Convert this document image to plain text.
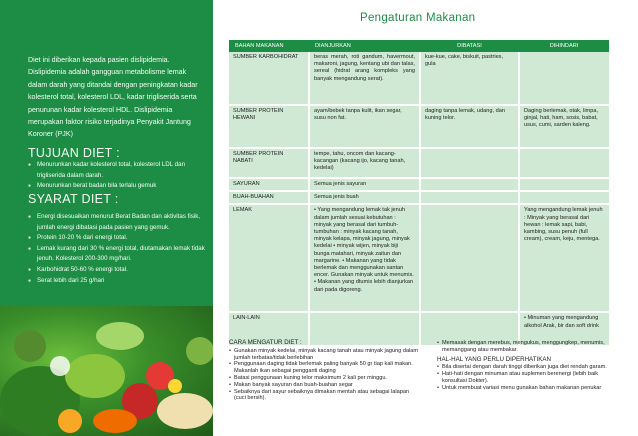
Diet ini diberikan kepada pasien dislipidemia. Dislipidemia adalah gangguan metabolisme lemak dalam darah yang ditandai dengan peningkatan kadar kolesterol total, kolesterol LDL, kadar trigliserida serta penurunan kadar kolesterol HDL. Dislipidemia merupakan faktor risiko terjadinya Penyakit Jantung Koroner (PJK)

TUJUAN DIET :
● Menurunkan kadar kolesterol total, kolesterol LDL dan trigliserida dalam darah.
● Menurunkan berat badan bila terlalu gemuk
SYARAT DIET :
● Energi disesuaikan menurut Berat Badan dan aktivitas fisik, jumlah energi dibatasi pada pasien yang gemuk.
● Protein 10-20 % dari energi total.
● Lemak kurang dari 30 % energi total, diutamakan lemak tidak jenuh. Kolesterol 200-300 mg/hari.
● Karbohidrat 50-60 % energi total.
● Serat lebih dari 25 g/hari
Pengaturan Makanan
BAHAN MAKANAN	DIANJURKAN	DIBATASI	DIHINDARI
SUMBER KARBOHIDRAT	beras merah, roti gandum, havermout, makaroni, jagung, kentang ubi dan talas, sereal (hidrat arang kompleks yang banyak mengandung serat).	kue-kue, cake, biskuit, pastries, gula	
SUMBER PROTEIN HEWANI	ayam/bebek tanpa kulit, ikan segar, susu non fat.	daging tanpa lemak, udang, dan kuning telor.	Daging berlemak, otak, limpa, ginjal, hati, ham, sosis, babat, usus, cumi, sarden kaleng.
SUMBER PROTEIN NABATI	tempe, tahu, oncom dan kacang-kacangan (kacang ijo, kacang tanah, kedelai)		
SAYURAN	Semua jenis sayuran		
BUAH-BUAHAN	Semua jenis buah		
LEMAK	• Yang mengandung lemak tak jenuh dalam jumlah sesuai kebutuhan : minyak yang berasal dari tumbuh-tumbuhan : minyak kacang tanah, minyak kelapa, minyak jagung, minyak kedelai • minyak wijen, minyak biji bunga matahari, minyak zaitun dan margarine. • Makanan yang tidak berlemak dan menggunakan santan encer. Gunakan minyak untuk menumis. • Makanan yang dtumis lebih dianjurkan dari pada digoreng.		Yang mengandung lemak jenuh : Minyak yang berasal dari hewan : lemak sapi, babi, kambing, susu penuh (full cream), cream, keju, mentega.
LAIN-LAIN			• Minuman yang mengandung alkohol Arak, bir dan soft drink
CARA MENGATUR DIET :
• Gunakan minyak kedelai, minyak kacang tanah atau minyak jagung dalam jumlah terbatas/tidak berlebihan
• Penggunaan daging tidak berlemak paling banyak 50 gr tiap kali makan. Makanlah ikan sebagai pengganti daging
• Batasi penggunaan kuning telor maksimum 2 kali per minggu.
• Makan banyak sayuran dan buah-buahan segar
• Sebaiknya dari sayur sebaiknya dimakan mentah atau sebagai lalapan (cuci bersih).
• Memasak dengan merebus, mengukus, menggungkep, menumis, memanggang atau membakar.
HAL-HAL YANG PERLU DIPERHATIKAN
• Bila disertai dengan darah tinggi diberikan juga diet rendah garam.
• Hati-hati dengan minuman atau suplemen berenergi (lebih baik konsultasi Dokter).
• Untuk membuat variasi menu gunakan bahan makanan penukar
